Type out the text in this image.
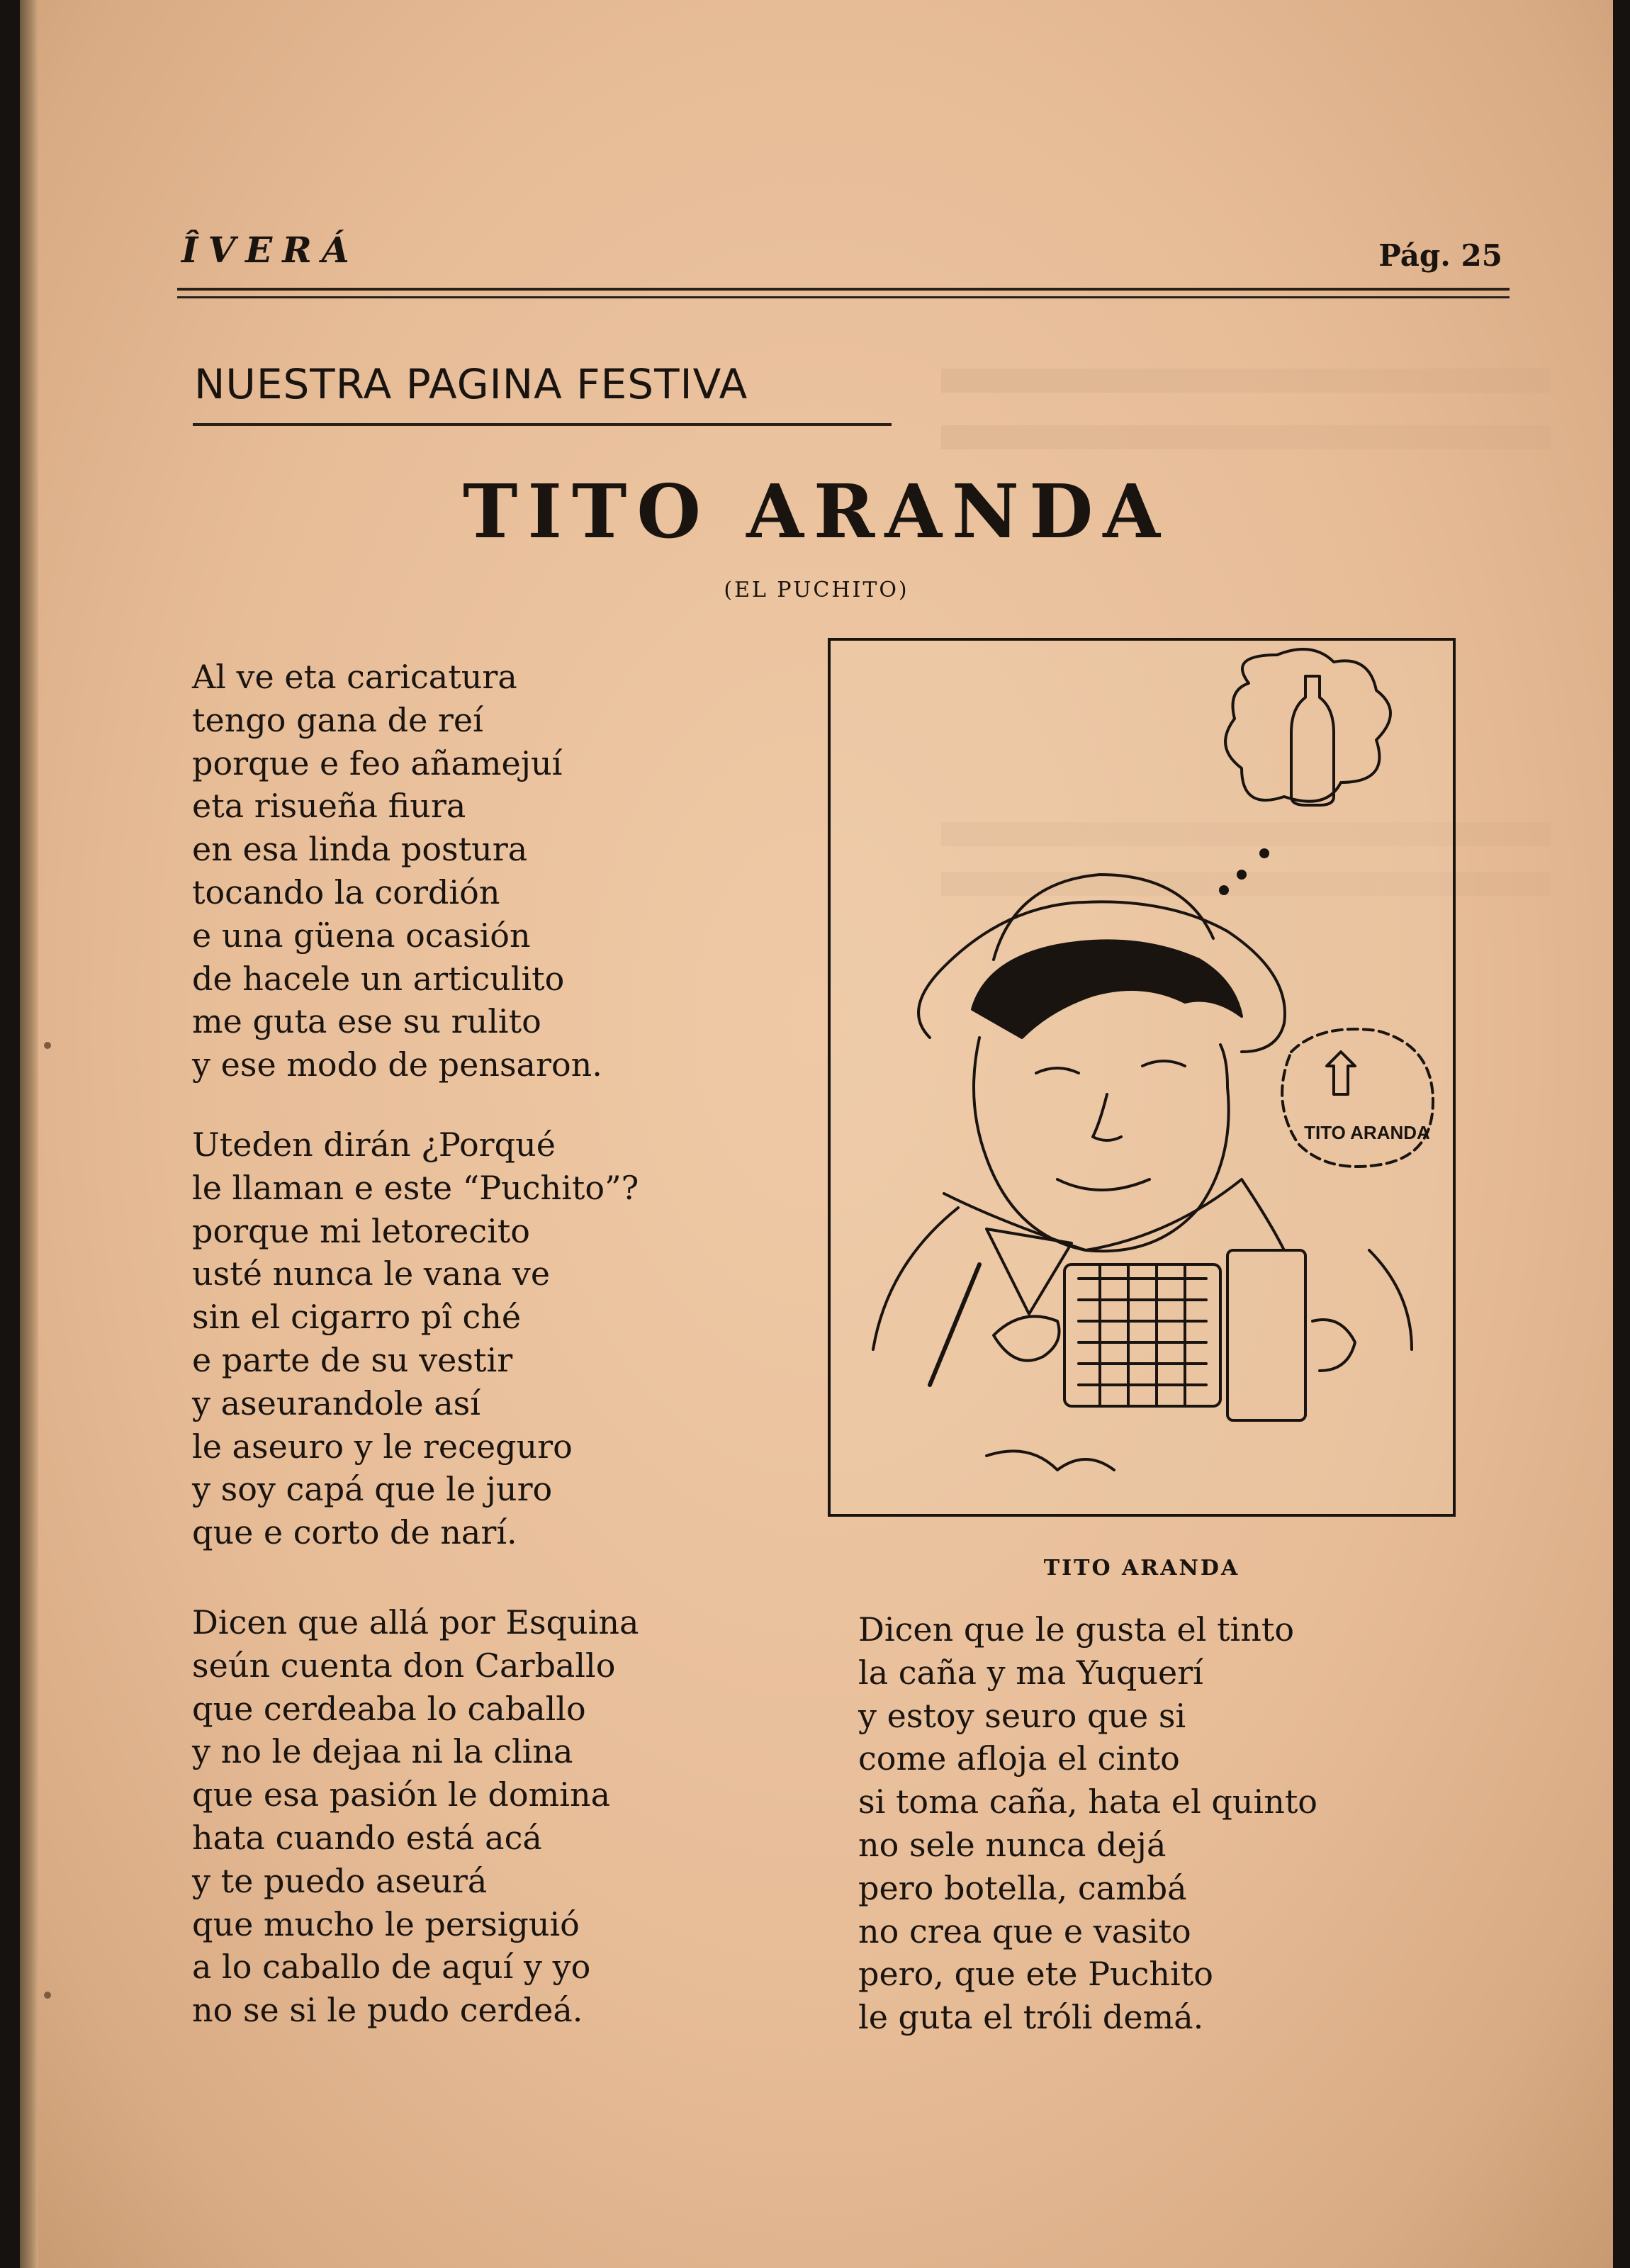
ÎVERÁ	Pág. 25
NUESTRA PAGINA FESTIVA
TITO ARANDA
(EL PUCHITO)
Al ve eta caricatura
tengo gana de reí
porque e feo añamejuí
eta risueña fiura
en esa linda postura
tocando la cordión
e una güena ocasión
de hacele un articulito
me guta ese su rulito
y ese modo de pensaron.
Uteden dirán ¿Porqué
le llaman e este “Puchito”?
porque mi letorecito
usté nunca le vana ve
sin el cigarro pî ché
e parte de su vestir
y aseurandole así
le aseuro y le receguro
y soy capá que le juro
que e corto de narí.
TITO ARANDA
TITO ARANDA
Dicen que allá por Esquina
seún cuenta don Carballo
que cerdeaba lo caballo
y no le dejaa ni la clina
que esa pasión le domina
hata cuando está acá
y te puedo aseurá
que mucho le persiguió
a lo caballo de aquí y yo
no se si le pudo cerdeá.
Dicen que le gusta el tinto
la caña y ma Yuquerí
y estoy seuro que si
come afloja el cinto
si toma caña, hata el quinto
no sele nunca dejá
pero botella, cambá
no crea que e vasito
pero, que ete Puchito
le guta el tróli demá.
